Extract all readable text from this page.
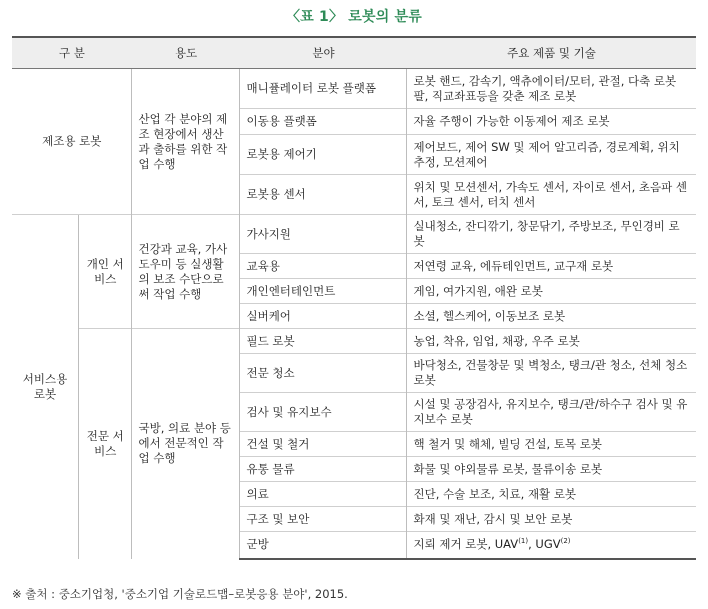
〈표 1〉 로봇의 분류
구 분		용도	분야	주요 제품 및 기술
제조용 로봇		산업 각 분야의 제조 현장에서 생산과 출하를 위한 작업 수행	매니퓰레이터 로봇 플랫폼	로봇 핸드, 감속기, 액츄에이터/모터, 관절, 다축 로봇 팔, 직교좌표등을 갖춘 제조 로봇
			이동용 플랫폼	자율 주행이 가능한 이동제어 제조 로봇
			로봇용 제어기	제어보드, 제어 SW 및 제어 알고리즘, 경로계획, 위치추정, 모션제어
			로봇용 센서	위치 및 모션센서, 가속도 센서, 자이로 센서, 초음파 센서, 토크 센서, 터치 센서
서비스용 로봇	개인 서비스	건강과 교육, 가사도우미 등 실생활의 보조 수단으로써 작업 수행	가사지원	실내청소, 잔디깎기, 창문닦기, 주방보조, 무인경비 로봇
			교육용	저연령 교육, 에듀테인먼트, 교구재 로봇
			개인엔터테인먼트	게임, 여가지원, 애완 로봇
			실버케어	소셜, 헬스케어, 이동보조 로봇
	전문 서비스	국방, 의료 분야 등에서 전문적인 작업 수행	필드 로봇	농업, 착유, 임업, 채광, 우주 로봇
			전문 청소	바닥청소, 건물창문 및 벽청소, 탱크/관 청소, 선체 청소 로봇
			검사 및 유지보수	시설 및 공장검사, 유지보수, 탱크/관/하수구 검사 및 유지보수 로봇
			건설 및 철거	핵 철거 및 해체, 빌딩 건설, 토목 로봇
			유통 물류	화물 및 야외물류 로봇, 물류이송 로봇
			의료	진단, 수술 보조, 치료, 재활 로봇
			구조 및 보안	화재 및 재난, 감시 및 보안 로봇
			군방	지뢰 제거 로봇, UAV$^{(1)}$, UGV$^{(2)}$
※ 출처 : 중소기업청, '중소기업 기술로드맵–로봇응용 분야', 2015.
